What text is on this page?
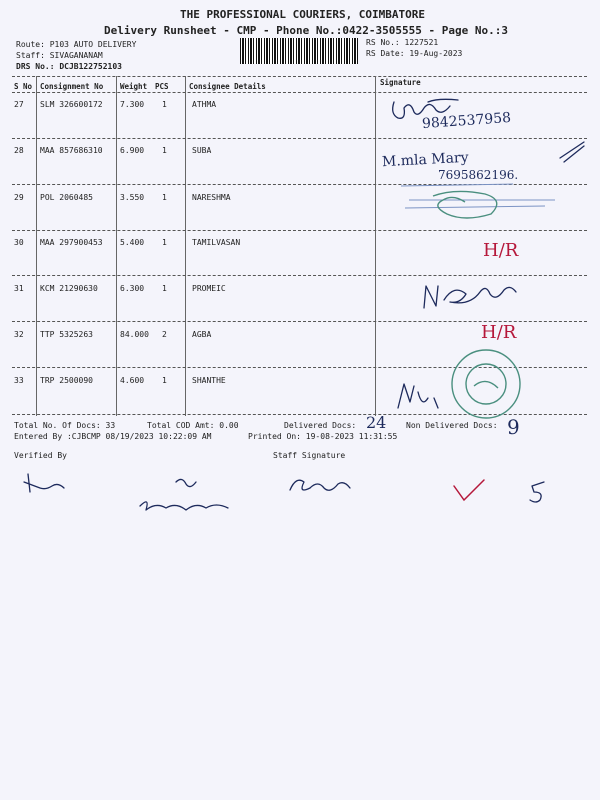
THE PROFESSIONAL COURIERS, COIMBATORE
Delivery Runsheet - CMP - Phone No.:0422-3505555 - Page No.:3
Route: P103 AUTO DELIVERY
Staff: SIVAGANANAM
DRS No.: DCJB122752103
RS No.: 1227521
RS Date: 19-Aug-2023
S No Consignment No Weight PCS	Consignee Details	Signature
27 SLM 326600172 7.300 1	ATHMA
28 MAA 857686310 6.900 1	SUBA
29 POL 2060485	3.550 1	NARESHMA
30 MAA 297900453 5.400 1	TAMILVASAN
31 KCM 21290630	6.300 1	PROMEIC
32 TTP 5325263	84.000 2	AGBA
33 TRP 2500090	4.600 1	SHANTHE
Total No. Of Docs: 33	Total COD Amt: 0.00	Delivered Docs: 24 Non Delivered Docs: 9
Entered By :CJBCMP 08/19/2023 10:22:09 AM	Printed On: 19-08-2023 11:31:55
Verified By	Staff Signature
9842537958
M.mla Mary
7695862196.
H/R
H/R
